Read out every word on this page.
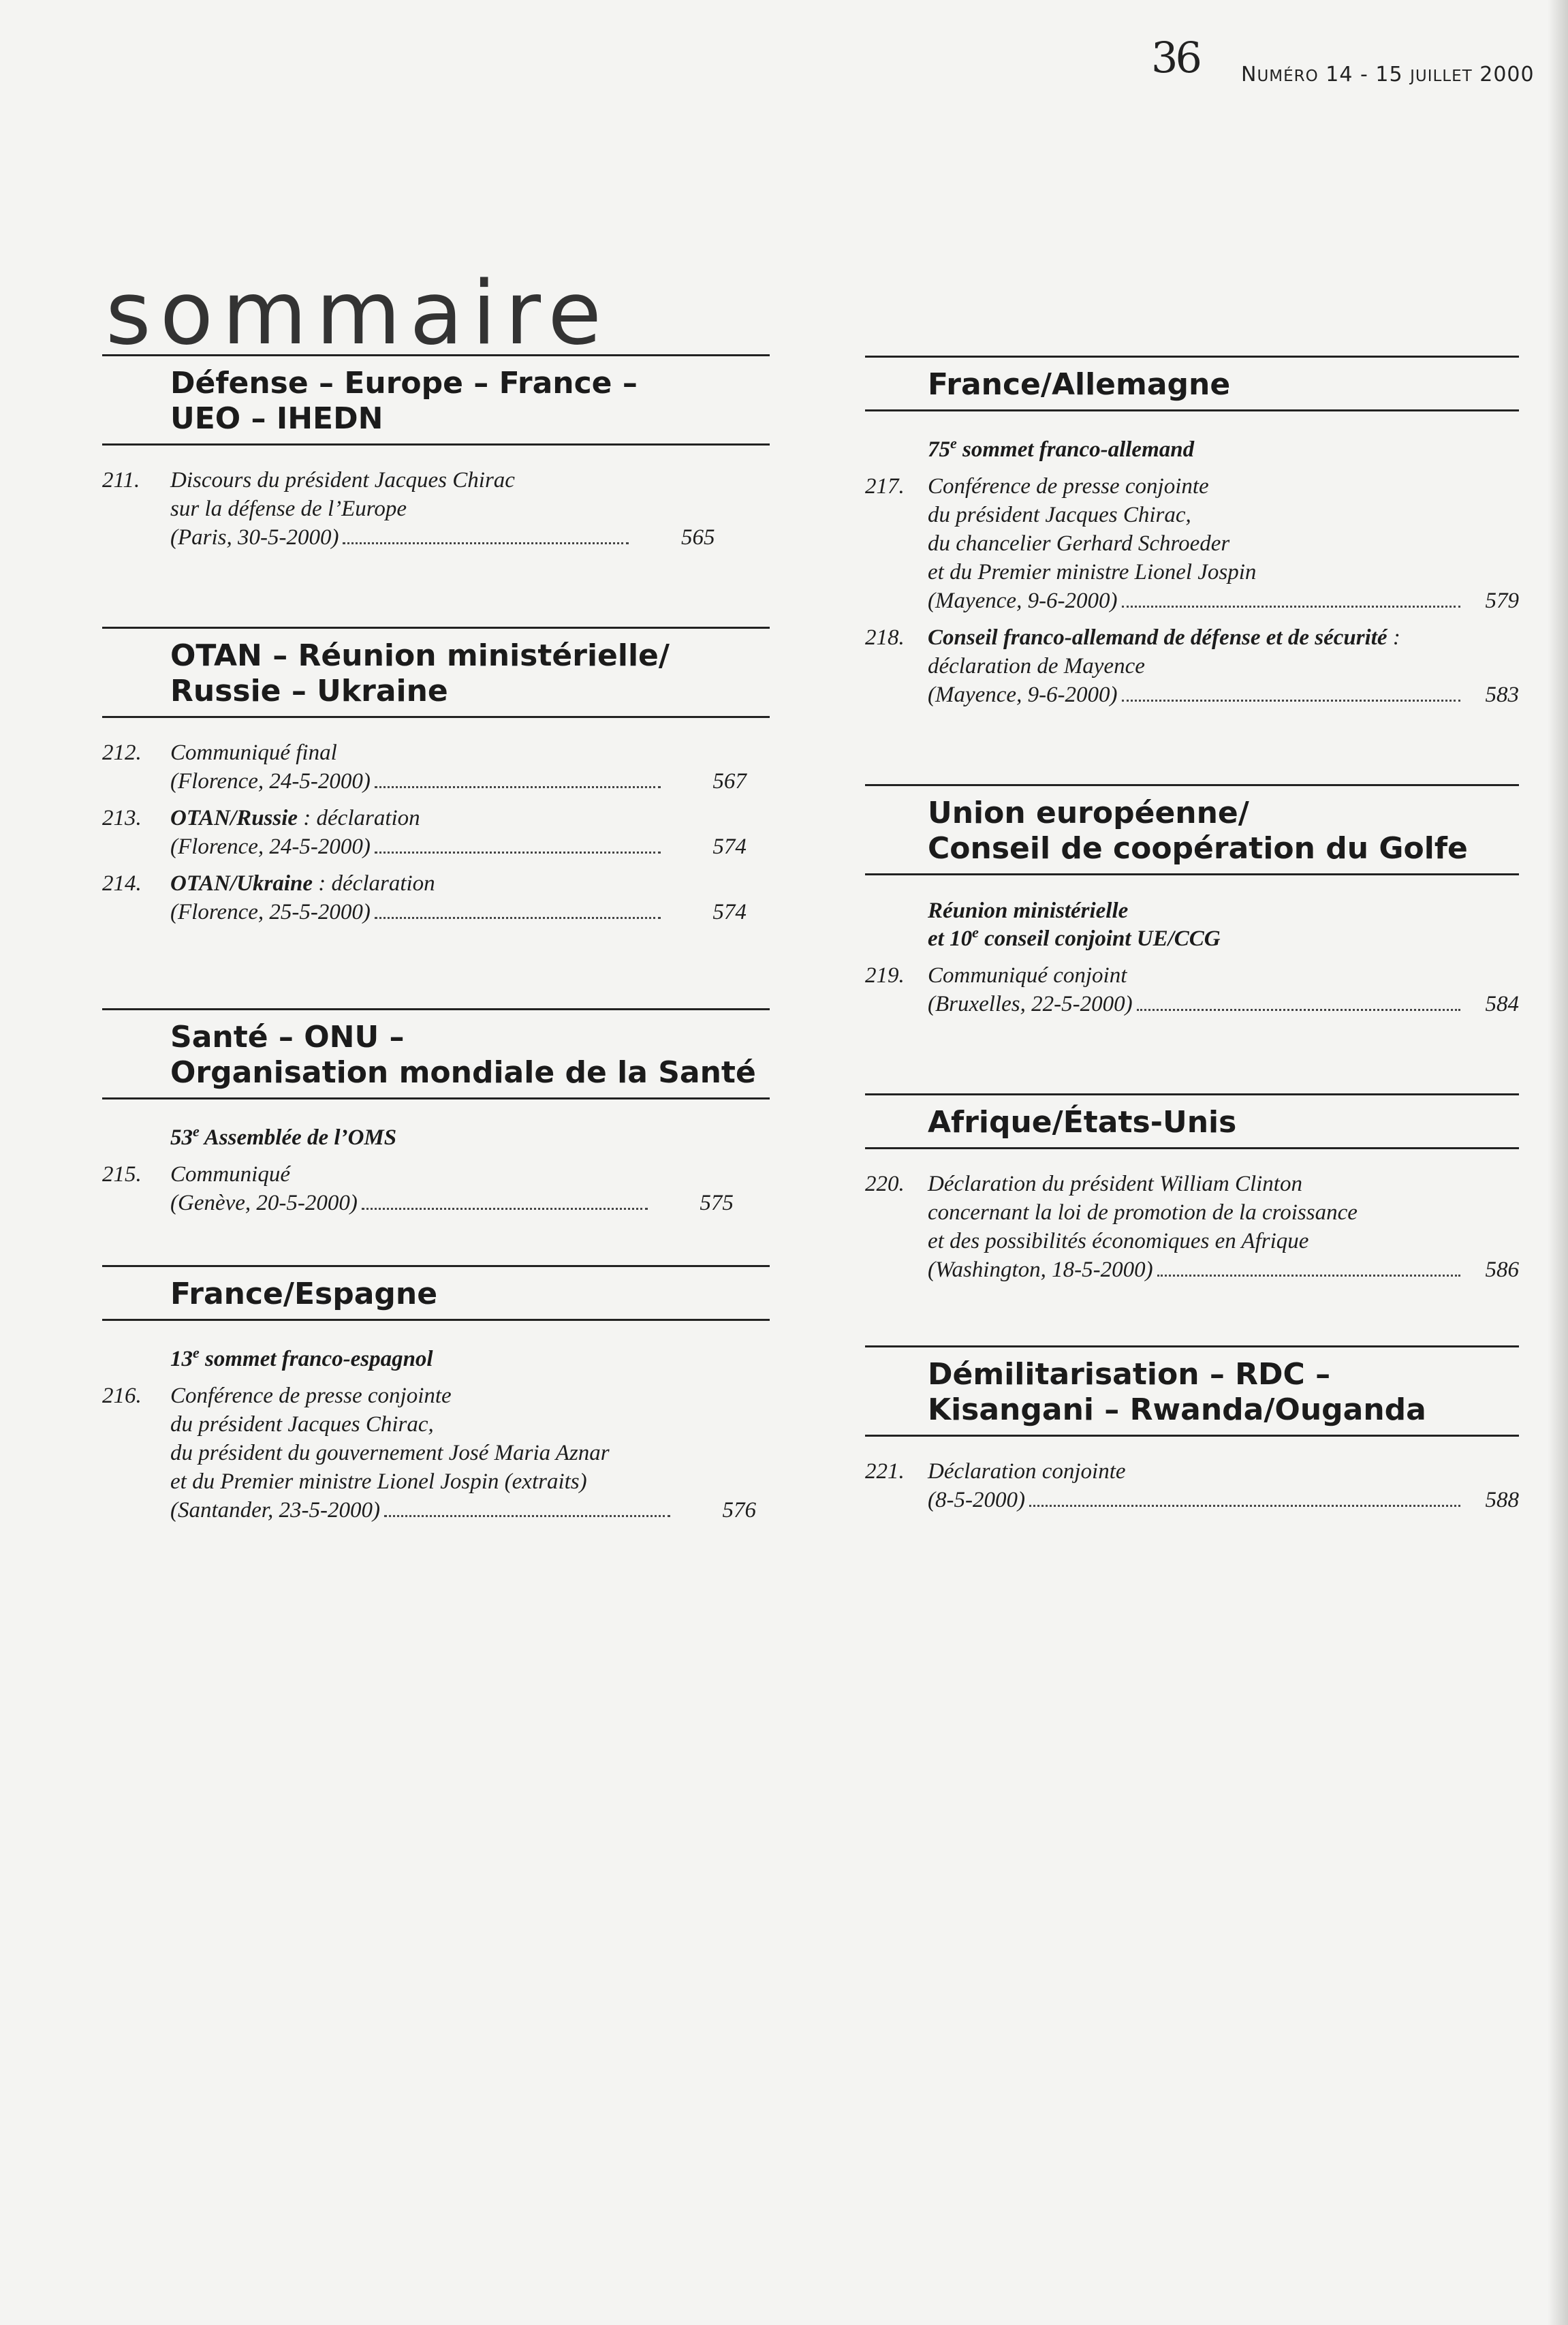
36 NUMÉRO 14 - 15 JUILLET 2000
sommaire
Défense – Europe – France –
UEO – IHEDN
211.	Discours du président Jacques Chirac
sur la défense de l’Europe
(Paris, 30-5-2000)	565
OTAN – Réunion ministérielle/
Russie – Ukraine
212.	Communiqué final
(Florence, 24-5-2000)	567
213.	OTAN/Russie : déclaration
(Florence, 24-5-2000)	574
214.	OTAN/Ukraine : déclaration
(Florence, 25-5-2000)	574
Santé – ONU –
Organisation mondiale de la Santé
53e Assemblée de l’OMS
215.	Communiqué
(Genève, 20-5-2000)	575
France/Espagne
13e sommet franco-espagnol
216.	Conférence de presse conjointe
du président Jacques Chirac,
du président du gouvernement José Maria Aznar
et du Premier ministre Lionel Jospin (extraits)
(Santander, 23-5-2000)	576
France/Allemagne
75e sommet franco-allemand
217.	Conférence de presse conjointe
du président Jacques Chirac,
du chancelier Gerhard Schroeder
et du Premier ministre Lionel Jospin
(Mayence, 9-6-2000)	579
218.	Conseil franco-allemand de défense et de sécurité :
déclaration de Mayence
(Mayence, 9-6-2000)	583
Union européenne/
Conseil de coopération du Golfe
Réunion ministérielle
et 10e conseil conjoint UE/CCG
219.	Communiqué conjoint
(Bruxelles, 22-5-2000)	584
Afrique/États-Unis
220.	Déclaration du président William Clinton
concernant la loi de promotion de la croissance
et des possibilités économiques en Afrique
(Washington, 18-5-2000)	586
Démilitarisation – RDC –
Kisangani – Rwanda/Ouganda
221.	Déclaration conjointe
(8-5-2000)	588
